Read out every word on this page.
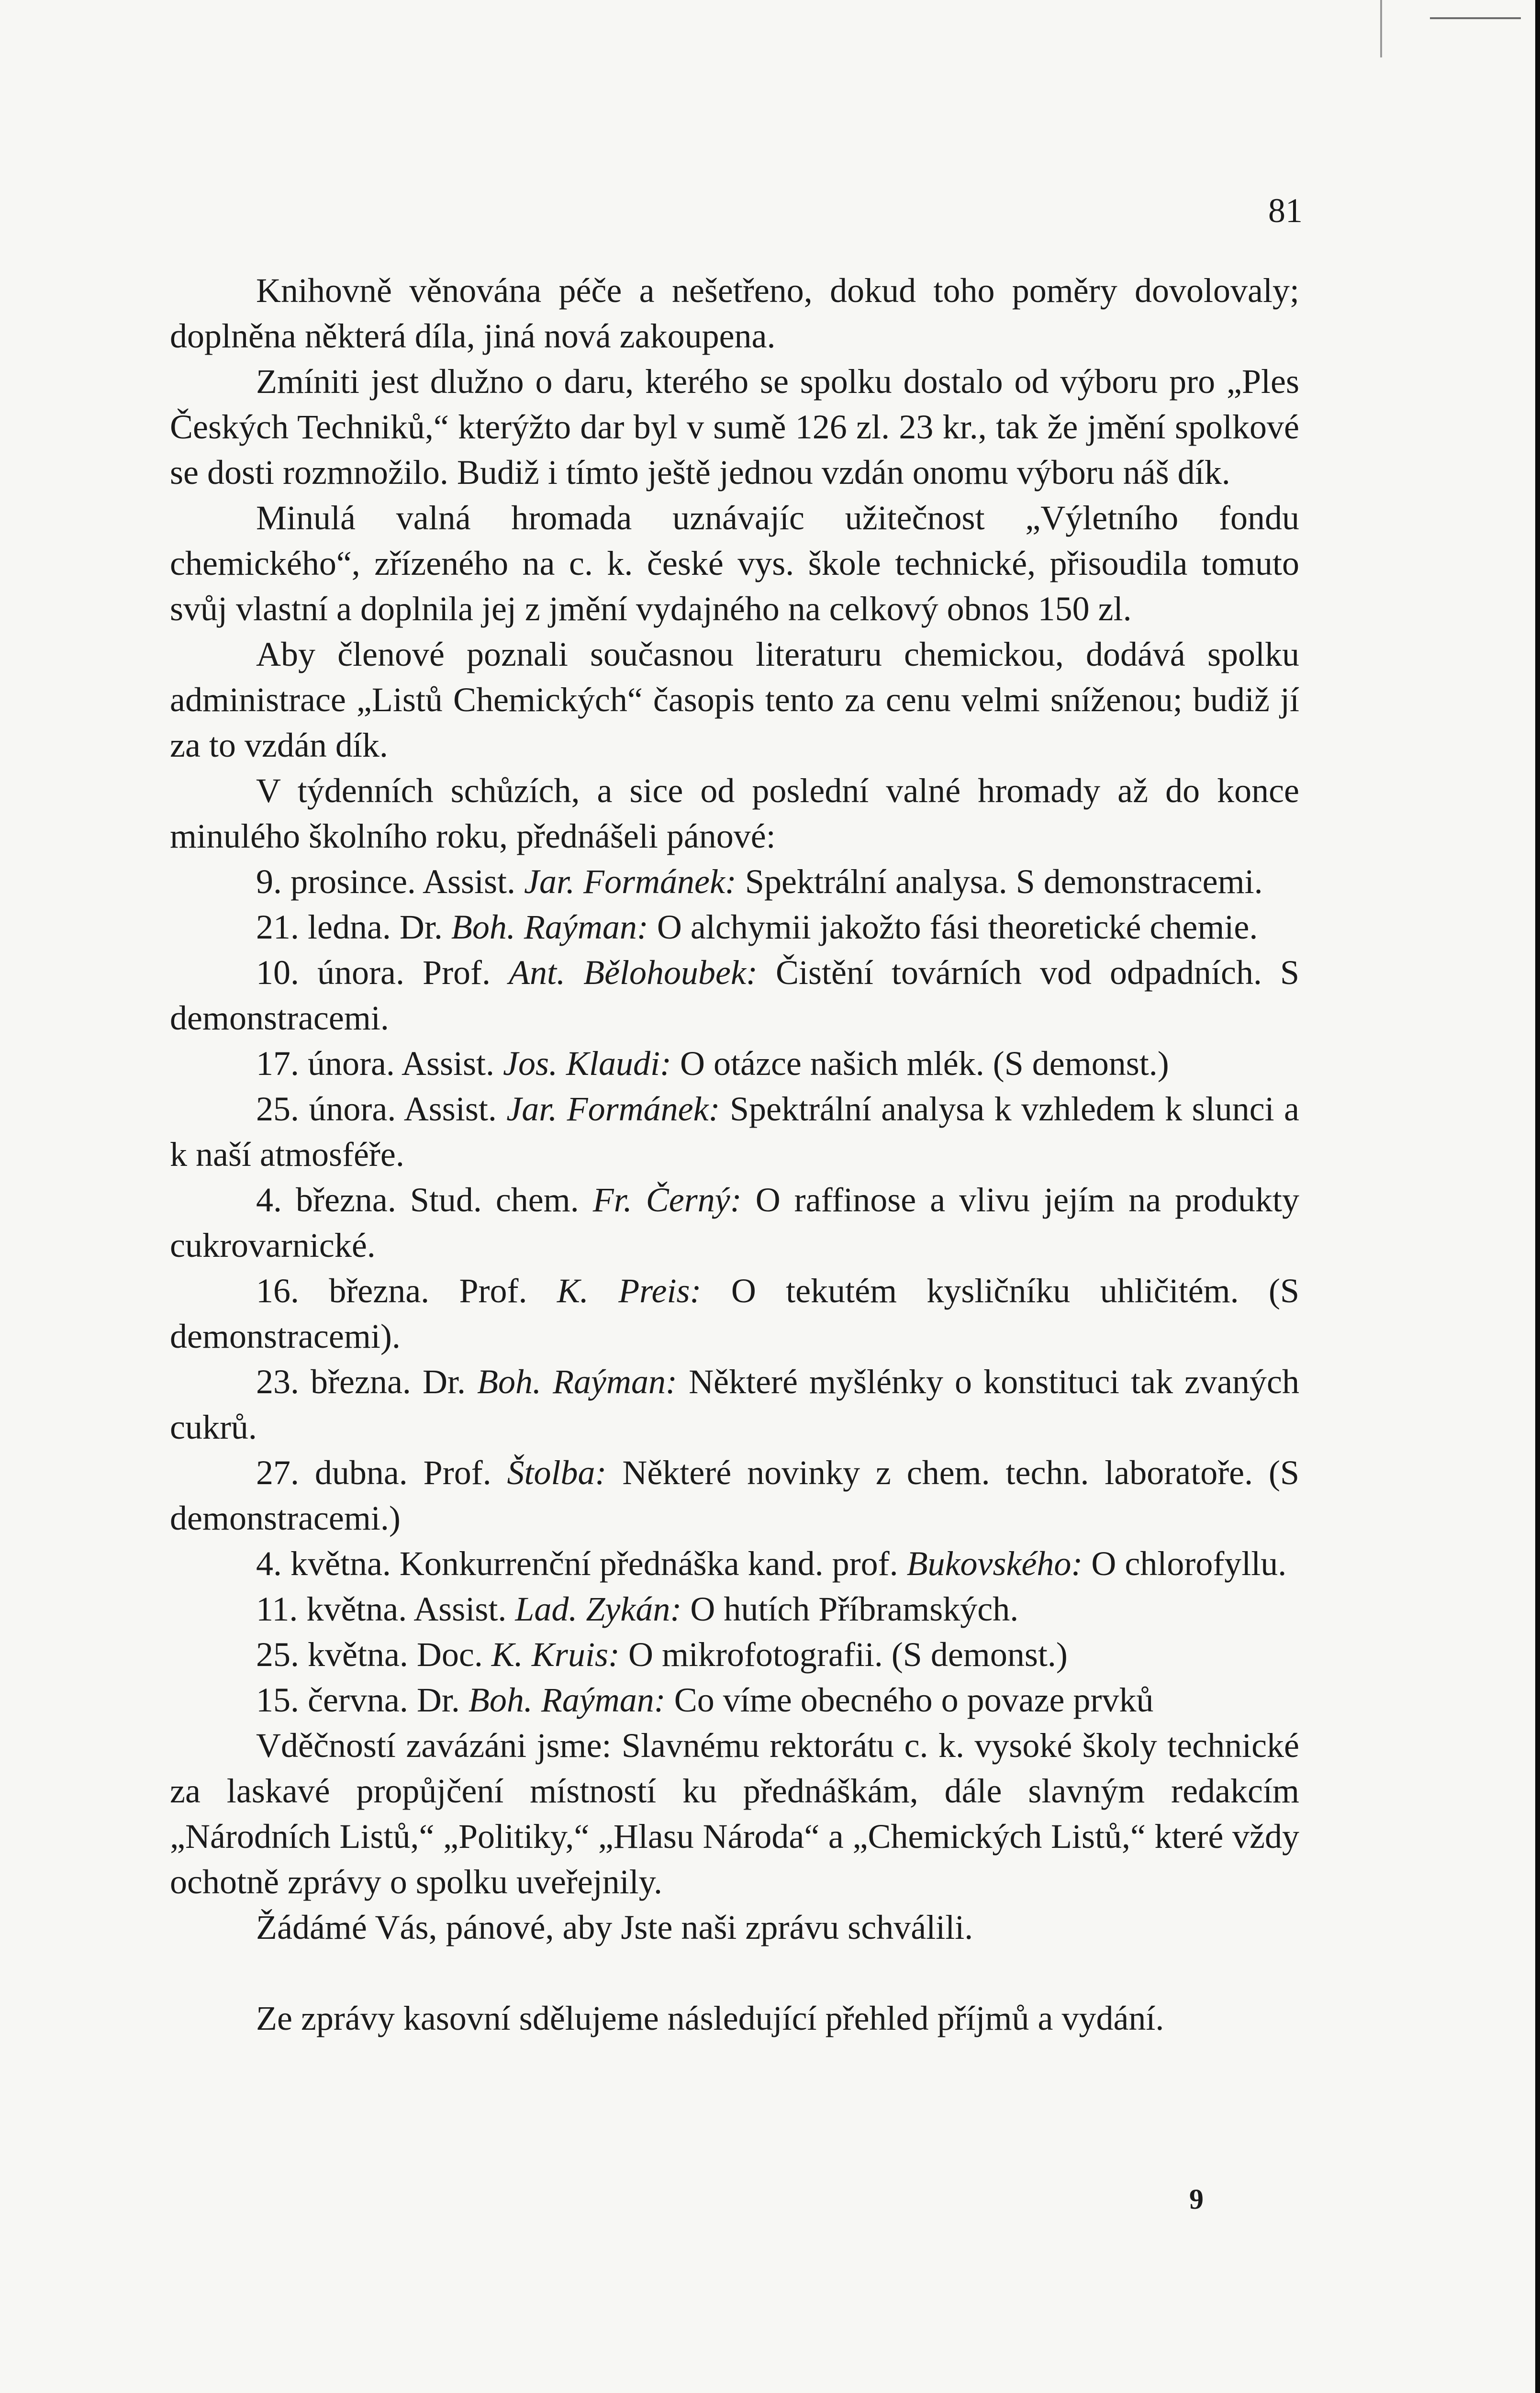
81

Knihovně věnována péče a nešetřeno, dokud toho poměry dovolovaly; doplněna některá díla, jiná nová zakoupena.

Zmíniti jest dlužno o daru, kterého se spolku dostalo od výboru pro „Ples Českých Techniků,“ kterýžto dar byl v sumě 126 zl. 23 kr., tak že jmění spolkové se dosti rozmnožilo. Budiž i tímto ještě jednou vzdán onomu výboru náš dík.

Minulá valná hromada uznávajíc užitečnost „Výletního fondu chemického“, zřízeného na c. k. české vys. škole technické, přisoudila tomuto svůj vlastní a doplnila jej z jmění vydajného na celkový obnos 150 zl.

Aby členové poznali současnou literaturu chemickou, dodává spolku administrace „Listů Chemických“ časopis tento za cenu velmi sníženou; budiž jí za to vzdán dík.

V týdenních schůzích, a sice od poslední valné hromady až do konce minulého školního roku, přednášeli pánové:

9. prosince. Assist. Jar. Formánek: Spektrální analysa. S demonstracemi.

21. ledna. Dr. Boh. Raýman: O alchymii jakožto fási theoretické chemie.

10. února. Prof. Ant. Bělohoubek: Čistění továrních vod odpadních. S demonstracemi.

17. února. Assist. Jos. Klaudi: O otázce našich mlék. (S demonst.)

25. února. Assist. Jar. Formánek: Spektrální analysa k vzhledem k slunci a k naší atmosféře.

4. března. Stud. chem. Fr. Černý: O raffinose a vlivu jejím na produkty cukrovarnické.

16. března. Prof. K. Preis: O tekutém kysličníku uhličitém. (S demonstracemi).

23. března. Dr. Boh. Raýman: Některé myšlénky o konstituci tak zvaných cukrů.

27. dubna. Prof. Štolba: Některé novinky z chem. techn. laboratoře. (S demonstracemi.)

4. května. Konkurrenční přednáška kand. prof. Bukovského: O chlorofyllu.

11. května. Assist. Lad. Zykán: O hutích Příbramských.

25. května. Doc. K. Kruis: O mikrofotografii. (S demonst.)

15. června. Dr. Boh. Raýman: Co víme obecného o povaze prvků

Vděčností zavázáni jsme: Slavnému rektorátu c. k. vysoké školy technické za laskavé propůjčení místností ku přednáškám, dále slavným redakcím „Národních Listů,“ „Politiky,“ „Hlasu Národa“ a „Chemických Listů,“ které vždy ochotně zprávy o spolku uveřejnily.

Žádámé Vás, pánové, aby Jste naši zprávu schválili.

Ze zprávy kasovní sdělujeme následující přehled příjmů a vydání.

9
